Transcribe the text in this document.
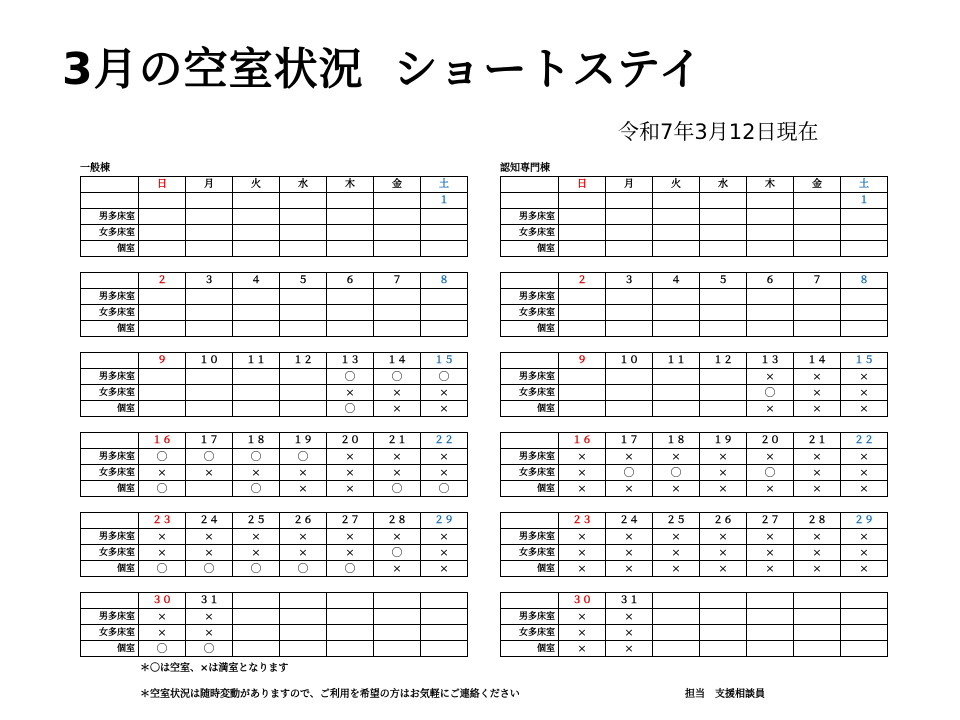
3月の空室状況 ショートステイ
令和7年3月12日現在
一般棟
	日	月	火	水	木	金	土
							１
男多床室							
女多床室							
個室							

	２	３	４	５	６	７	８
男多床室							
女多床室							
個室							

	９	１０	１１	１２	１３	１４	１５
男多床室					〇	〇	〇
女多床室					×	×	×
個室					〇	×	×

	１６	１７	１８	１９	２０	２１	２２
男多床室	〇	〇	〇	〇	×	×	×
女多床室	×	×	×	×	×	×	×
個室	〇		〇	×	×	〇	〇

	２３	２４	２５	２６	２７	２８	２９
男多床室	×	×	×	×	×	×	×
女多床室	×	×	×	×	×	〇	×
個室	〇	〇	〇	〇	〇	×	×

	３０	３１					
男多床室	×	×					
女多床室	×	×					
個室	〇	〇					
認知専門棟
	日	月	火	水	木	金	土
							１
男多床室							
女多床室							
個室							

	２	３	４	５	６	７	８
男多床室							
女多床室							
個室							

	９	１０	１１	１２	１３	１４	１５
男多床室					×	×	×
女多床室					〇	×	×
個室					×	×	×

	１６	１７	１８	１９	２０	２１	２２
男多床室	×	×	×	×	×	×	×
女多床室	×	〇	〇	×	〇	×	×
個室	×	×	×	×	×	×	×

	２３	２４	２５	２６	２７	２８	２９
男多床室	×	×	×	×	×	×	×
女多床室	×	×	×	×	×	×	×
個室	×	×	×	×	×	×	×

	３０	３１					
男多床室	×	×					
女多床室	×	×					
個室	×	×					
＊〇は空室、×は満室となります
＊空室状況は随時変動がありますので、ご利用を希望の方はお気軽にご連絡ください	担当　支援相談員
